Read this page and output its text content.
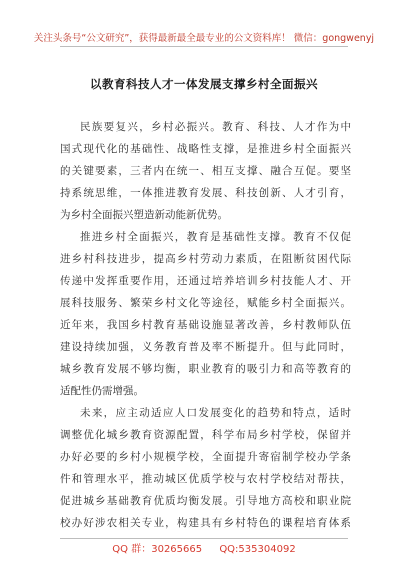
关注头条号“公文研究”，获得最新最全最专业的公文资料库！ 微信：gongwenyj
以教育科技人才一体发展支撑乡村全面振兴
民族要复兴，乡村必振兴。教育、科技、人才作为中
国式现代化的基础性、战略性支撑，是推进乡村全面振兴
的关键要素，三者内在统一、相互支撑、融合互促。要坚
持系统思维，一体推进教育发展、科技创新、人才引育，
为乡村全面振兴塑造新动能新优势。
推进乡村全面振兴，教育是基础性支撑。教育不仅促
进乡村科技进步，提高乡村劳动力素质，在阻断贫困代际
传递中发挥重要作用，还通过培养培训乡村技能人才、开
展科技服务、繁荣乡村文化等途径，赋能乡村全面振兴。
近年来，我国乡村教育基础设施显著改善，乡村教师队伍
建设持续加强，义务教育普及率不断提升。但与此同时，
城乡教育发展不够均衡，职业教育的吸引力和高等教育的
适配性仍需增强。
未来，应主动适应人口发展变化的趋势和特点，适时
调整优化城乡教育资源配置，科学布局乡村学校，保留并
办好必要的乡村小规模学校，全面提升寄宿制学校办学条
件和管理水平，推动城区优质学校与农村学校结对帮扶，
促进城乡基础教育优质均衡发展。引导地方高校和职业院
校办好涉农相关专业，构建具有乡村特色的课程培育体系
QQ 群：30265665 QQ:535304092
